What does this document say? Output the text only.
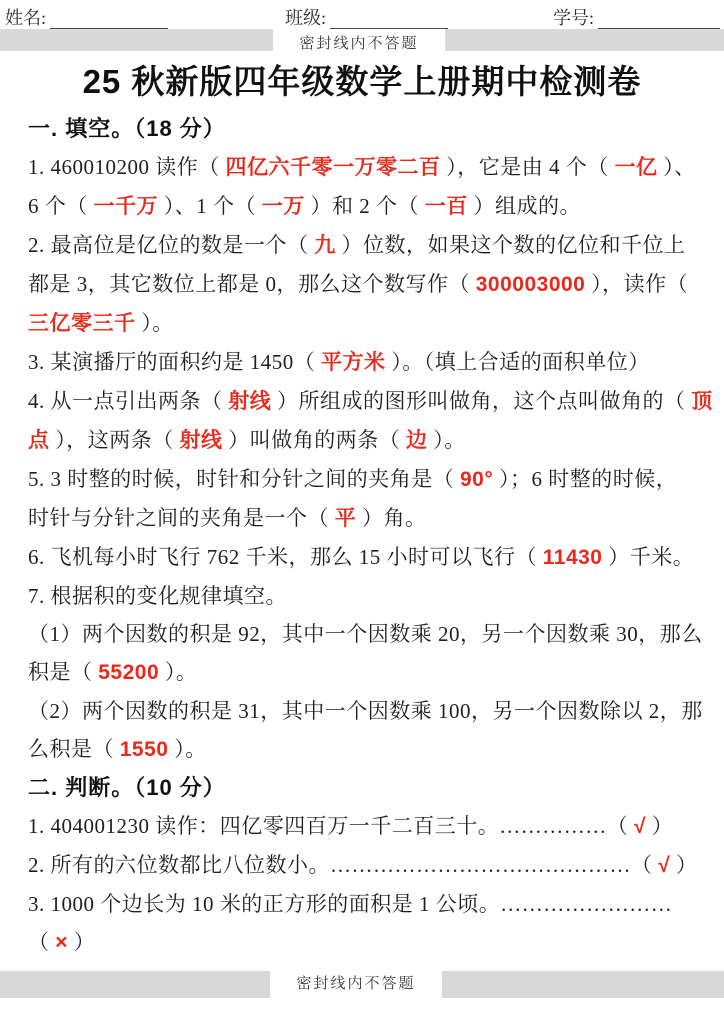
姓名:	班级:	学号:
密封线内不答题
25 秋新版四年级数学上册期中检测卷

一. 填空。（18 分）

1. 460010200 读作（ 四亿六千零一万零二百 ），它是由 4 个（ 一亿 ）、

6 个（ 一千万 ）、1 个（ 一万 ）和 2 个（ 一百 ）组成的。

2. 最高位是亿位的数是一个（ 九 ）位数，如果这个数的亿位和千位上

都是 3，其它数位上都是 0，那么这个数写作（ 300003000 ），读作（

三亿零三千 ）。

3. 某演播厅的面积约是 1450（ 平方米 ）。（填上合适的面积单位）

4. 从一点引出两条（ 射线 ）所组成的图形叫做角，这个点叫做角的（ 顶

点 ），这两条（ 射线 ）叫做角的两条（ 边 ）。

5. 3 时整的时候，时针和分针之间的夹角是（ 90° ）；6 时整的时候，

时针与分针之间的夹角是一个（ 平 ）角。

6. 飞机每小时飞行 762 千米，那么 15 小时可以飞行（ 11430 ）千米。

7. 根据积的变化规律填空。

（1）两个因数的积是 92，其中一个因数乘 20，另一个因数乘 30，那么

积是（ 55200 ）。

（2）两个因数的积是 31，其中一个因数乘 100，另一个因数除以 2，那

么积是（ 1550 ）。

二. 判断。（10 分）

1. 404001230 读作：四亿零四百万一千二百三十。……………（ √ ）

2. 所有的六位数都比八位数小。……………………………………（ √ ）

3. 1000 个边长为 10 米的正方形的面积是 1 公顷。……………………

（ × ）

密封线内不答题
